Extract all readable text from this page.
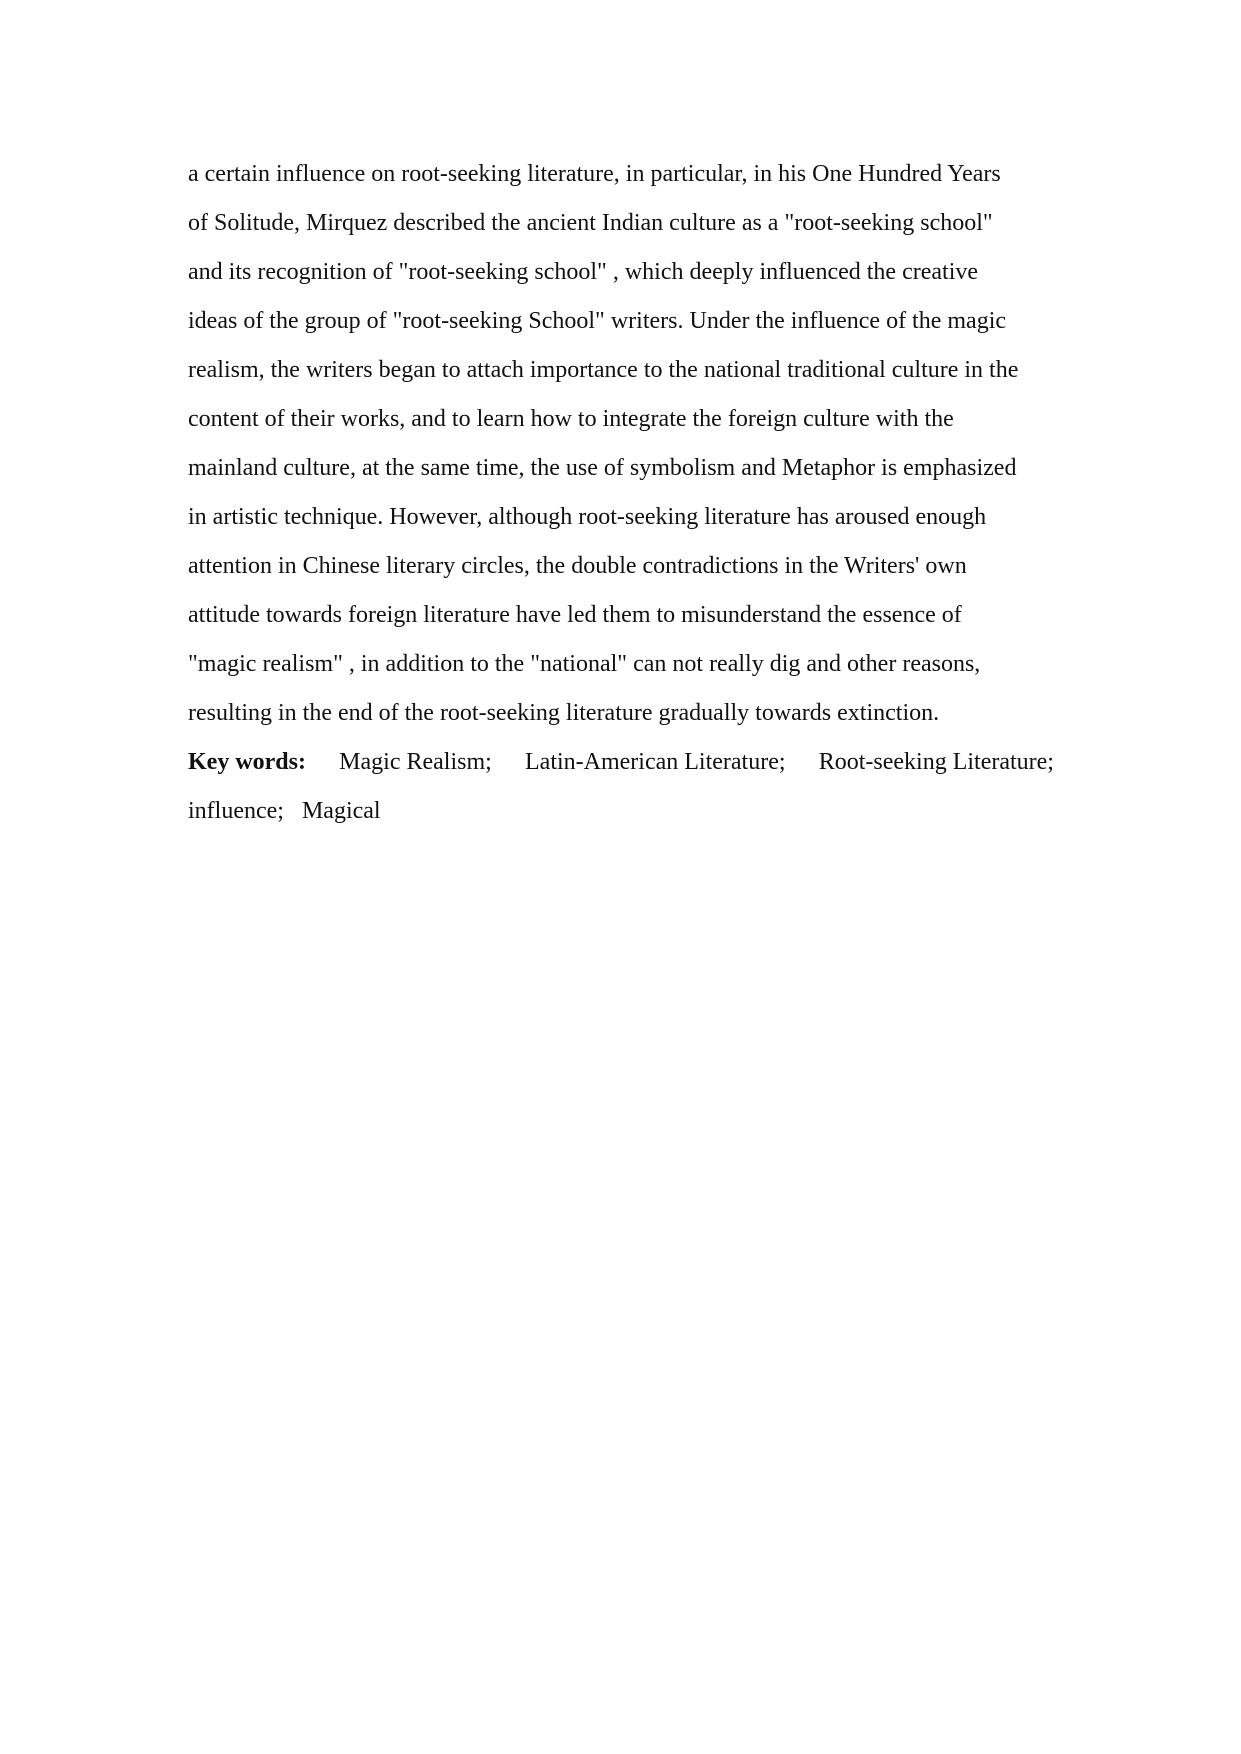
a certain influence on root-seeking literature, in particular, in his One Hundred Years
of Solitude, Mirquez described the ancient Indian culture as a "root-seeking school"
and its recognition of "root-seeking school" , which deeply influenced the creative
ideas of the group of "root-seeking School" writers. Under the influence of the magic
realism, the writers began to attach importance to the national traditional culture in the
content of their works, and to learn how to integrate the foreign culture with the
mainland culture, at the same time, the use of symbolism and Metaphor is emphasized
in artistic technique. However, although root-seeking literature has aroused enough
attention in Chinese literary circles, the double contradictions in the Writers' own
attitude towards foreign literature have led them to misunderstand the essence of
"magic realism" , in addition to the "national" can not really dig and other reasons,
resulting in the end of the root-seeking literature gradually towards extinction.
Key words: Magic Realism; Latin-American Literature; Root-seeking Literature;
influence; Magical
